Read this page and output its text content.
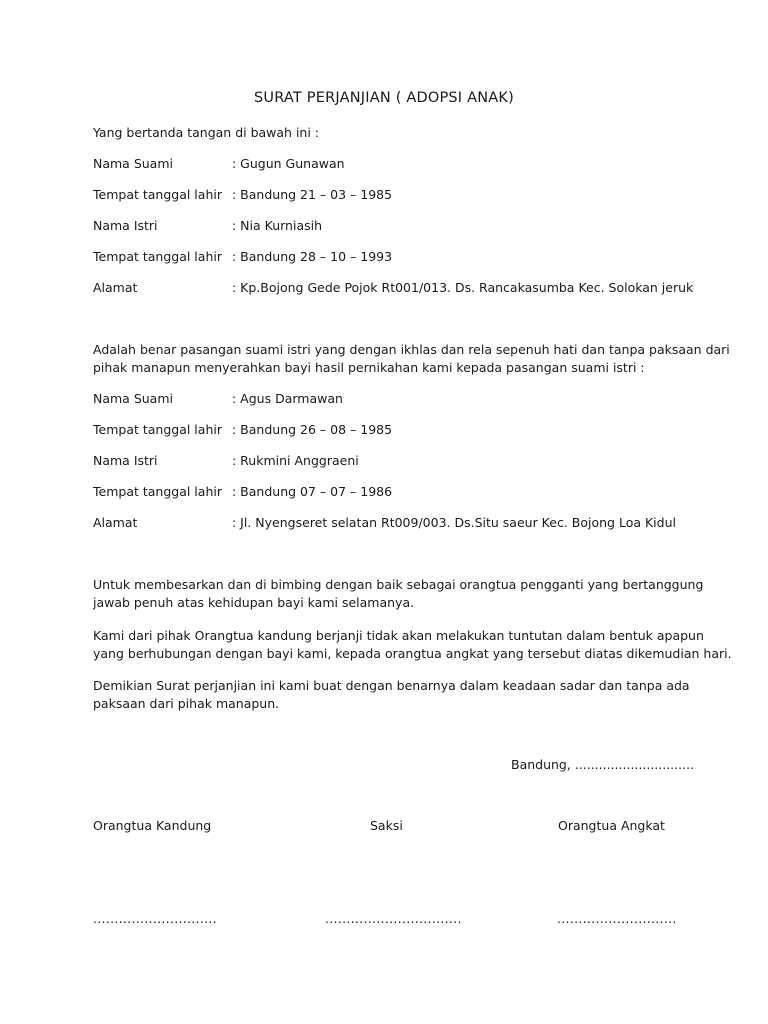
SURAT PERJANJIAN ( ADOPSI ANAK)
Yang bertanda tangan di bawah ini :
Nama Suami	: Gugun Gunawan
Tempat tanggal lahir : Bandung 21 – 03 – 1985
Nama Istri	: Nia Kurniasih
Tempat tanggal lahir : Bandung 28 – 10 – 1993
Alamat	: Kp.Bojong Gede Pojok Rt001/013. Ds. Rancakasumba Kec. Solokan jeruk
Adalah benar pasangan suami istri yang dengan ikhlas dan rela sepenuh hati dan tanpa paksaan dari
pihak manapun menyerahkan bayi hasil pernikahan kami kepada pasangan suami istri :
Nama Suami	: Agus Darmawan
Tempat tanggal lahir : Bandung 26 – 08 – 1985
Nama Istri	: Rukmini Anggraeni
Tempat tanggal lahir : Bandung 07 – 07 – 1986
Alamat	: Jl. Nyengseret selatan Rt009/003. Ds.Situ saeur Kec. Bojong Loa Kidul
Untuk membesarkan dan di bimbing dengan baik sebagai orangtua pengganti yang bertanggung
jawab penuh atas kehidupan bayi kami selamanya.
Kami dari pihak Orangtua kandung berjanji tidak akan melakukan tuntutan dalam bentuk apapun
yang berhubungan dengan bayi kami, kepada orangtua angkat yang tersebut diatas dikemudian hari.
Demikian Surat perjanjian ini kami buat dengan benarnya dalam keadaan sadar dan tanpa ada
paksaan dari pihak manapun.
Bandung, ..............................
Orangtua Kandung	Saksi	Orangtua Angkat
.............................	................................	............................
